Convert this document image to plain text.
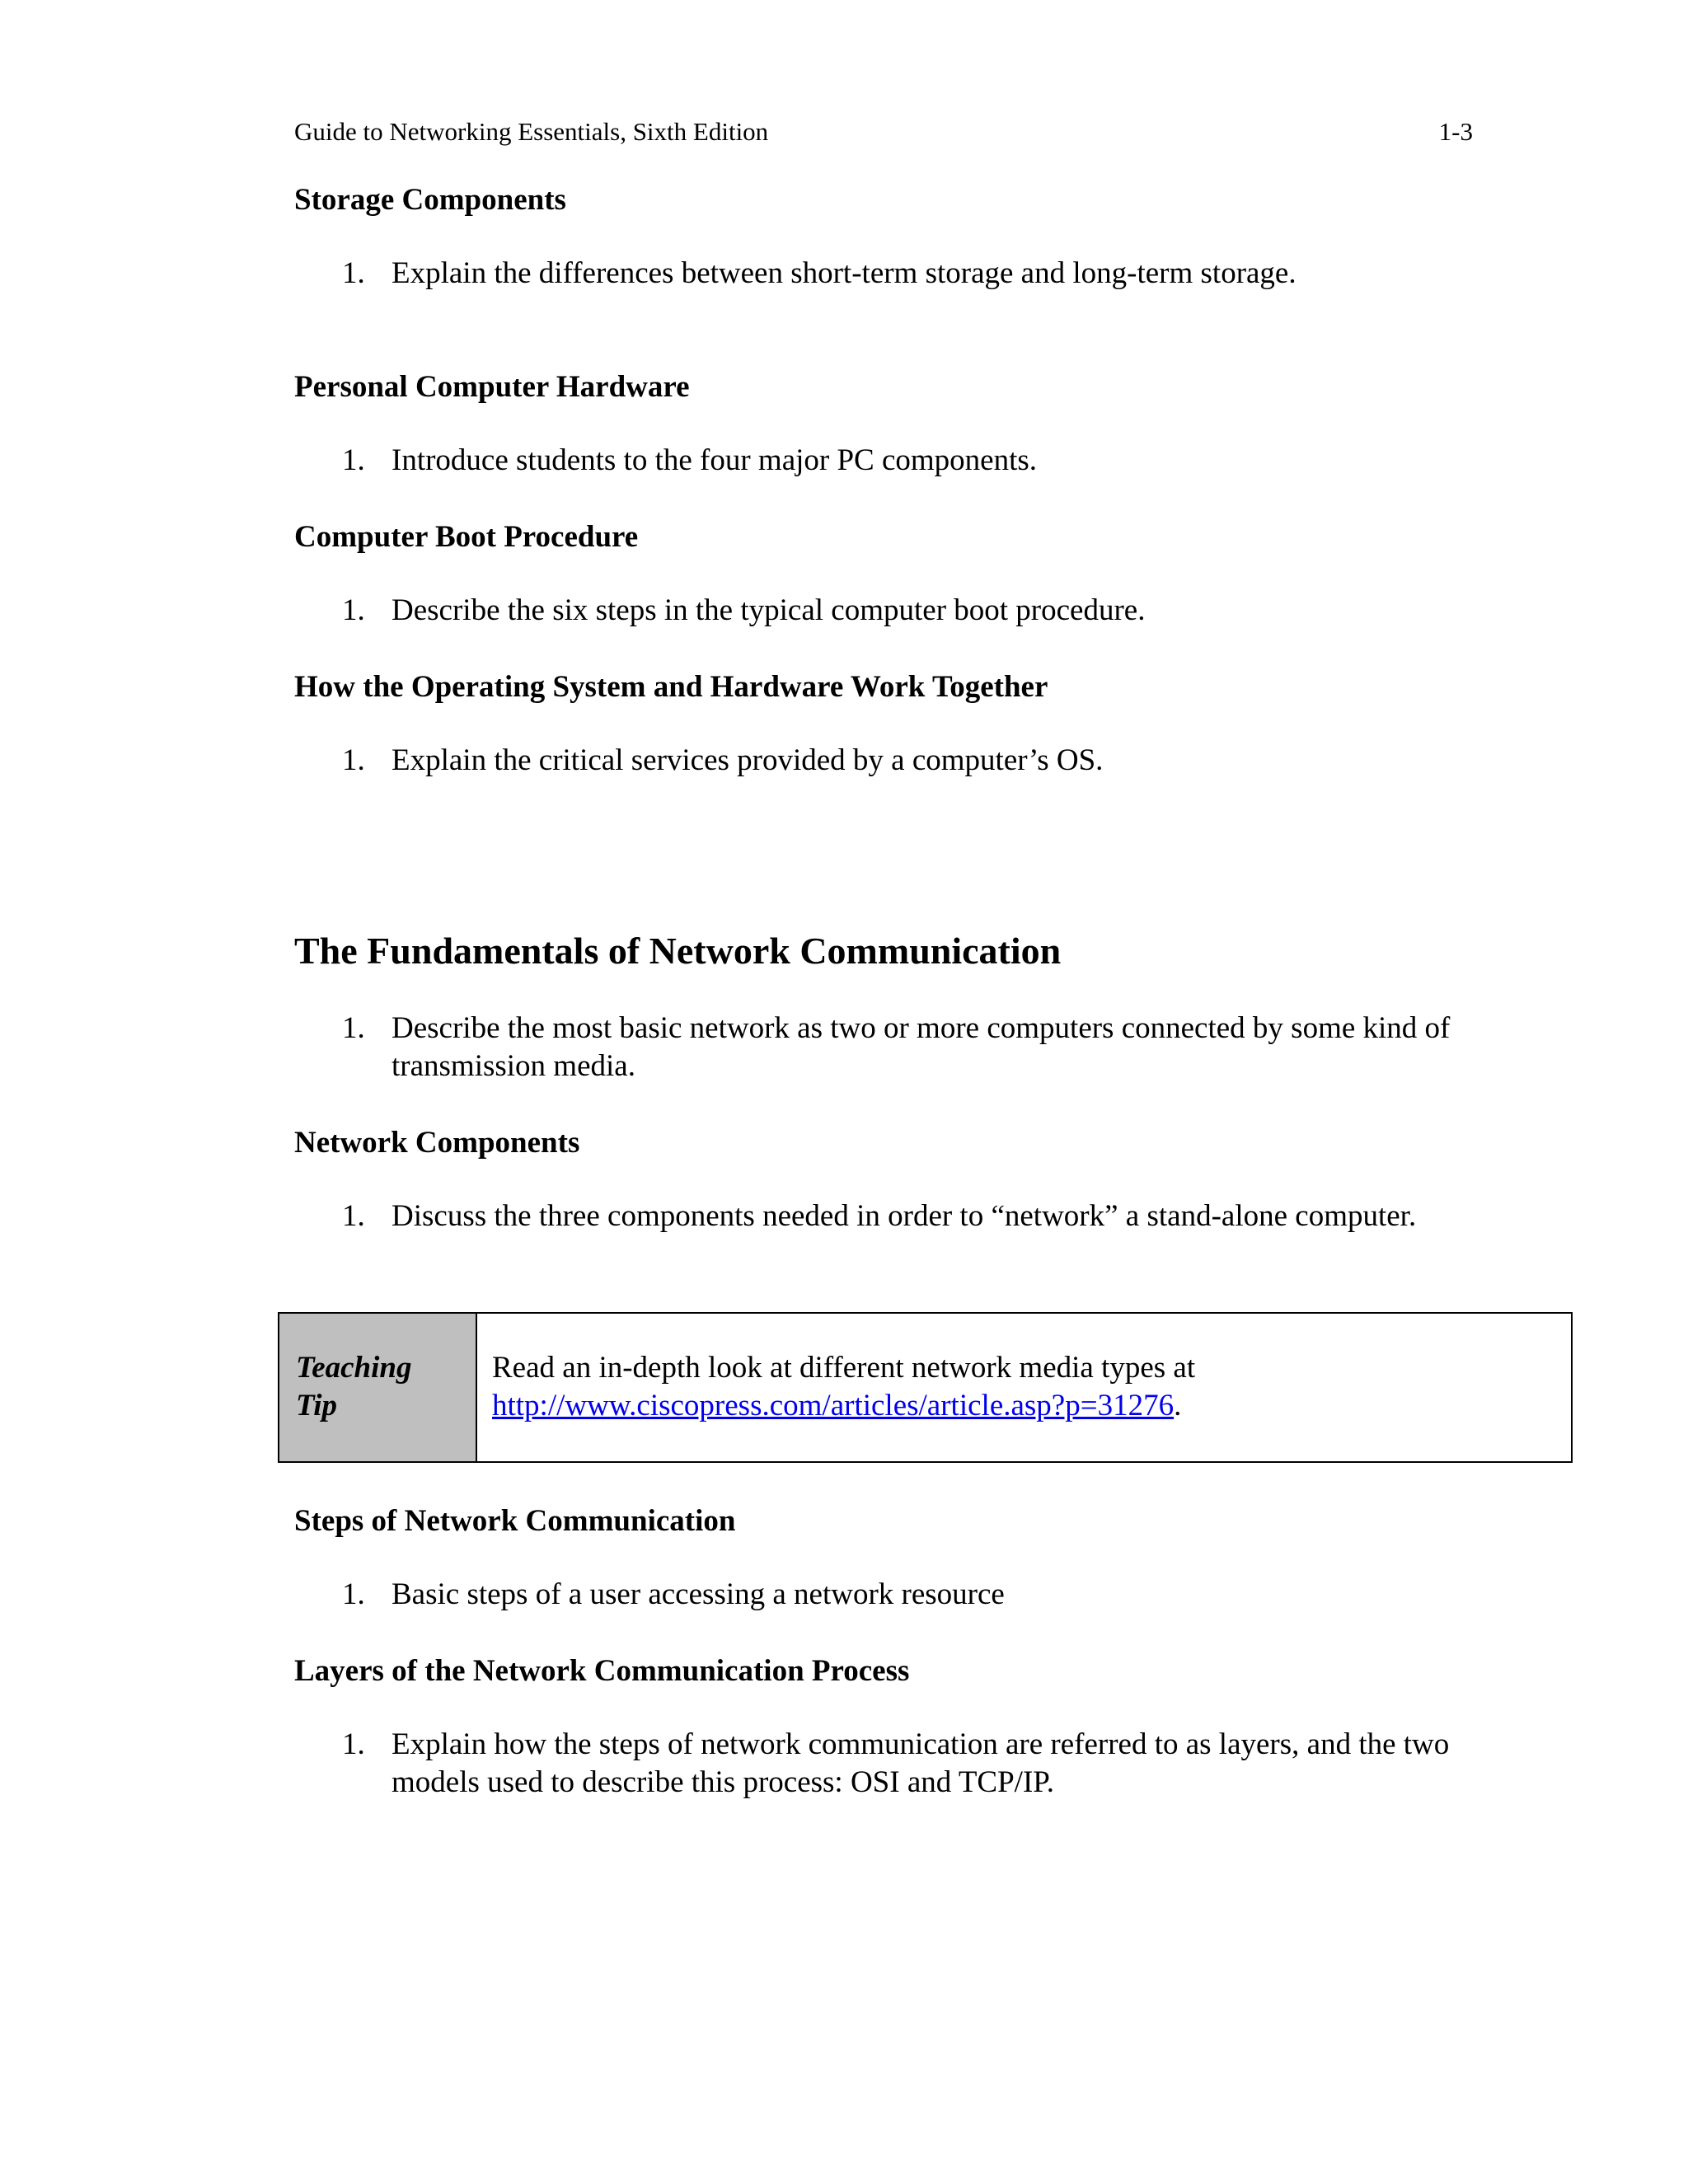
Guide to Networking Essentials, Sixth Edition	1-3
Storage Components
1. Explain the differences between short-term storage and long-term storage.
Personal Computer Hardware
1. Introduce students to the four major PC components.
Computer Boot Procedure
1. Describe the six steps in the typical computer boot procedure.
How the Operating System and Hardware Work Together
1. Explain the critical services provided by a computer’s OS.
The Fundamentals of Network Communication
1. Describe the most basic network as two or more computers connected by some kind of transmission media.
Network Components
1. Discuss the three components needed in order to “network” a stand-alone computer.
Teaching
Tip
Read an in-depth look at different network media types at
http://www.ciscopress.com/articles/article.asp?p=31276.
Steps of Network Communication
1. Basic steps of a user accessing a network resource
Layers of the Network Communication Process
1. Explain how the steps of network communication are referred to as layers, and the two models used to describe this process: OSI and TCP/IP.
